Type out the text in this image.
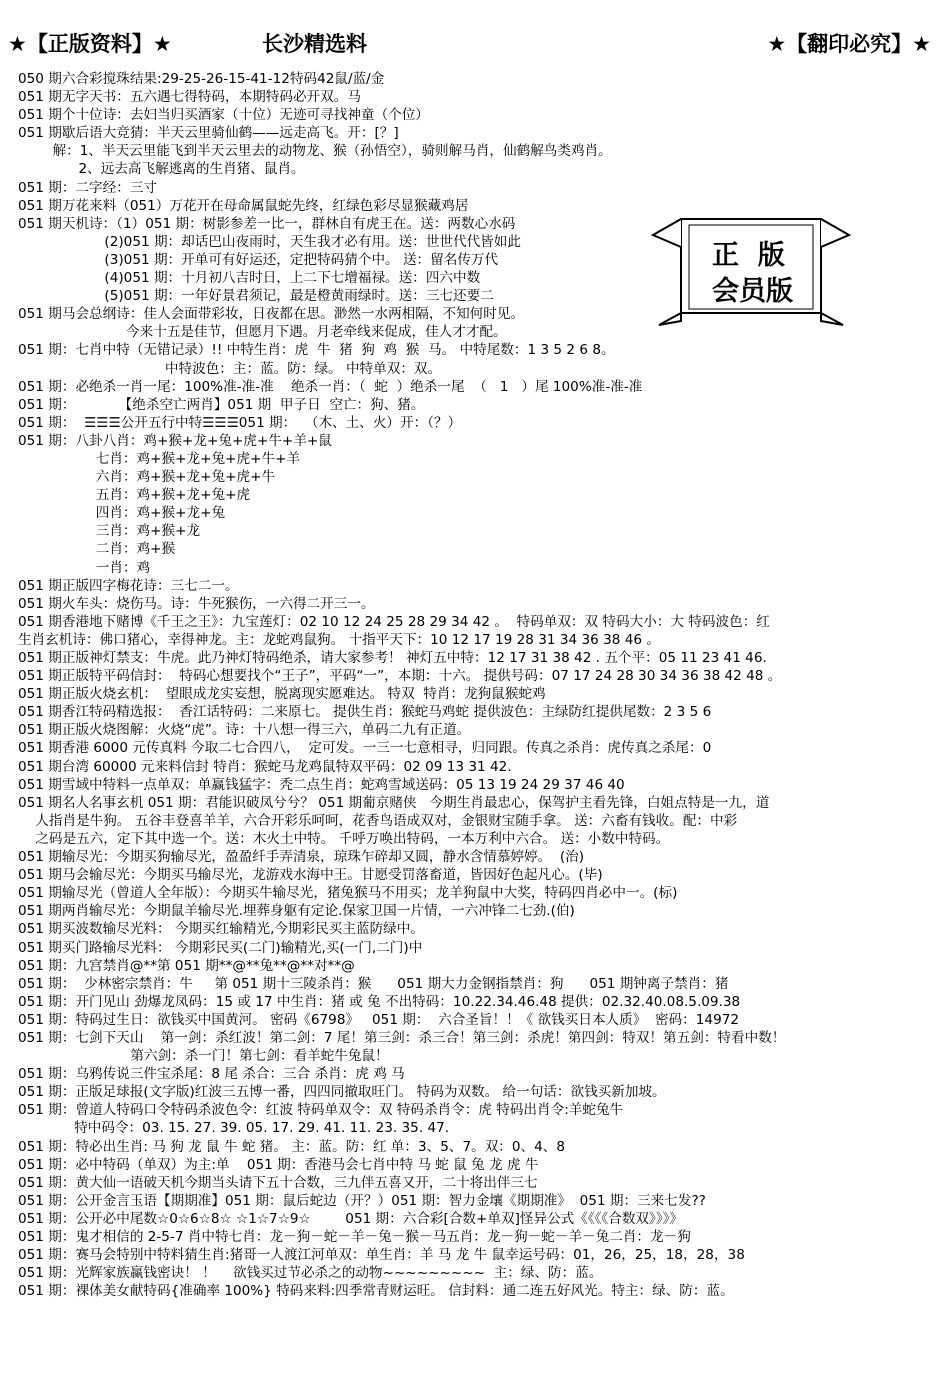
★【正版资料】★	长沙精选料	★【翻印必究】★
正  版
会员版
050 期六合彩搅珠结果:29-25-26-15-41-12特码42鼠/蓝/金
051 期无字天书：五六遇七得特码，本期特码必开双。马
051 期个十位诗：去妇当归买酒家（十位）无迹可寻找神童（个位）
051 期歇后语大竞猜：半天云里骑仙鹤——远走高飞。开：[？]
解：1、半天云里能飞到半天云里去的动物龙、猴（孙悟空），骑则解马肖，仙鹤解鸟类鸡肖。
2、远去高飞解逃离的生肖猪、鼠肖。
051 期：二字经：三寸
051 期万花来料（051）万花开在母命属鼠蛇先终，红绿色彩尽显猴藏鸡居
051 期天机诗：（1）051 期：树影参差一比一，群林自有虎王在。送：两数心水码
(2)051 期：却话巴山夜雨时，天生我才必有用。送：世世代代皆如此
(3)051 期：开单可有好运还，定把特码猜个中。 送：留名传万代
(4)051 期：十月初八吉时日，上二下七增福禄。送：四六中数
(5)051 期：一年好景君须记，最是橙黄雨绿时。送：三七还要二
051 期马会总纲诗：佳人会面带彩妆，日夜都在思。渺然一水两相隔，不知何时见。
今来十五是佳节，但愿月下遇。月老牵线来促成，佳人才才配。
051 期：七肖中特（无错记录）!! 中特生肖：虎  牛  猪  狗  鸡  猴  马。 中特尾数：1 3 5 2 6 8。
中特波色：主：蓝。防：绿。 中特单双：双。
051 期：必绝杀一肖一尾：100%准-准-准    绝杀一肖：（  蛇  ）绝杀一尾  （   1   ）尾 100%准-准-准
051 期：          【绝杀空亡两肖】051 期  甲子日  空亡：狗、猪。
051 期：  ☰☰☰公开五行中特☰☰☰051 期：  （木、土、火）开：（？）
051 期：八卦八肖：鸡+猴+龙+兔+虎+牛+羊+鼠
七肖：鸡+猴+龙+兔+虎+牛+羊
六肖：鸡+猴+龙+兔+虎+牛
五肖：鸡+猴+龙+兔+虎
四肖：鸡+猴+龙+兔
三肖：鸡+猴+龙
二肖：鸡+猴
一肖：鸡
051 期正版四字梅花诗：三七二一。
051 期火车头：烧伤马。诗：牛死猴伤，一六得二开三一。
051 期香港地下赌博《千王之王》：九宝莲灯：02 10 12 24 25 28 29 34 42 。  特码单双：双 特码大小：大 特码波色：红
生肖玄机诗：佛口猪心，幸得神龙。主：龙蛇鸡鼠狗。 十指平天下：10 12 17 19 28 31 34 36 38 46 。
051 期正版神灯禁支：牛虎。此乃神灯特码绝杀，请大家参考！ 神灯五中特：12 17 31 38 42 . 五个平：05 11 23 41 46.
051 期正版特平码信封：  特码心想要找个“王子”，平码“一”，本期：十六。 提供号码：07 17 24 28 30 34 36 38 42 48 。
051 期正版火烧玄机：  望眼成龙实妄想，脱离现实愿难达。 特双  特肖：龙狗鼠猴蛇鸡
051 期香江特码精选报：  香江话特码：二来原七。 提供生肖：猴蛇马鸡蛇 提供波色：主绿防红提供尾数：2 3 5 6
051 期正版火烧图解：火烧“虎”。诗：十八想一得三六，单码二九有正道。
051 期香港 6000 元传真料 今取二七合四八，  定可发。一三一七意相寻，归同跟。传真之杀肖：虎传真之杀尾：0
051 期台湾 60000 元来料信封 特肖：猴蛇马龙鸡鼠特双平码：02 09 13 31 42.
051 期雪域中特料一点单双：单赢钱猛字：秃二点生肖：蛇鸡雪域送码：05 13 19 24 29 37 46 40
051 期名人名事玄机 051 期：君能识破凤兮兮？ 051 期葡京赌侠   今期生肖最忠心，保驾护主看先锋，白姐点特是一九，道
人指肖是牛狗。 五谷丰登喜羊羊，六合开彩乐呵呵，花香鸟语成双对，金银财宝随手拿。 送：六畜有钱收。配：中彩
之码是五六，定下其中选一个。送：木火土中特。 千呼万唤出特码，一本万利中六合。 送：小数中特码。
051 期输尽光：今期买狗输尽光，盈盈纤手弄清泉，琼珠乍碎却又圆，静水含情慕婷婷。  (治)
051 期马会输尽光：今期买马输尽光，龙游戏水海中王。甘愿受罚落畜道，皆因好色起凡心。(毕)
051 期输尽光（曾道人全年版）：今期买牛输尽光，猪兔猴马不用买；龙羊狗鼠中大奖，特码四肖必中一。(标)
051 期两肖输尽光：今期鼠羊输尽光.埋葬身躯有定论.保家卫国一片情，一六冲锋二七劲.(伯)
051 期买波数输尽光料： 今期买红输精光,今期彩民买主蓝防绿中。
051 期买门路输尽光料： 今期彩民买(二门)输精光,买(一门,二门)中
051 期：九宫禁肖@**第 051 期**@**兔**@**对**@
051 期：  少林密宗禁肖：牛     第 051 期十三陵杀肖：猴      051 期大力金钢指禁肖：狗      051 期钟离子禁肖：猪
051 期：开门见山 劲爆龙凤码：15 或 17 中生肖：猪 或 兔 不出特码：10.22.34.46.48 提供：02.32.40.08.5.09.38
051 期：特码过生日：欲钱买中国黄河。 密码《6798》   051 期：  六合圣旨！！《 欲钱买日本人质》  密码：14972
051 期：七剑下天山    第一剑：杀红波！第二剑：7 尾！第三剑：杀三合！第三剑：杀虎！第四剑：特双！第五剑：特看中数！
第六剑：杀一门！第七剑：看羊蛇牛兔鼠！
051 期：乌鸦传说三件宝杀尾：8 尾 杀合：三合 杀肖：虎 鸡 马
051 期：正版足球报(文字版)红波三五博一番，四四同撤取旺门。 特码为双数。 给一句话：欲钱买新加坡。
051 期：曾道人特码口令特码杀波色令：红波 特码单双令：双 特码杀肖令：虎 特码出肖令:羊蛇兔牛
特中码令：03. 15. 27. 39. 05. 17. 29. 41. 11. 23. 35. 47.
051 期：特必出生肖: 马 狗 龙 鼠 牛 蛇 猪。 主：蓝。防：红 单：3、5、7。双：0、4、8
051 期：必中特码（单双）为主:单    051 期：香港马会七肖中特 马 蛇 鼠 兔 龙 虎 牛
051 期：黄大仙一语破天机今期当头请下五十合数，三九伴五喜又开，二十将出伴三七
051 期：公开金言玉语【期期准】051 期：鼠后蛇边（开？）051 期：智力金壤《期期准》  051 期：三来七发??
051 期：公开必中尾数☆0☆6☆8☆ ☆1☆7☆9☆        051 期：六合彩[合数+单双]怪异公式《《《《合数双》》》》
051 期：鬼才相信的 2-5-7 肖中特七肖：龙－狗－蛇－羊－兔－猴－马五肖：龙－狗－蛇－羊－兔二肖：龙－狗
051 期：赛马会特别中特料猜生肖:猪哥一人渡江河单双：单生肖：羊 马 龙 牛 鼠幸运号码：01，26，25，18，28，38
051 期：光辉家族赢钱密诀！ ！    欲钱买过节必杀之的动物~~~~~~~~~  主：绿、防：蓝。
051 期：裸体美女献特码{准确率 100%} 特码来料:四季常青财运旺。 信封料：通二连五好风光。特主：绿、防：蓝。
